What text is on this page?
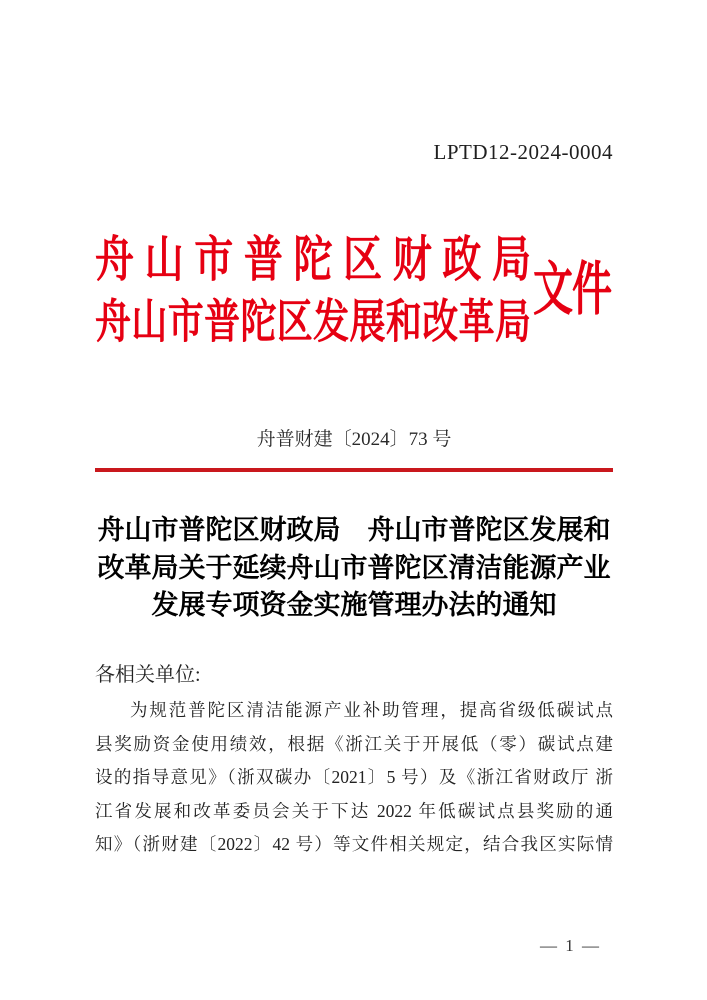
LPTD12-2024-0004
舟 山 市 普 陀 区 财 政 局
舟山市普陀区发展和改革局
文件
舟普财建〔2024〕73 号
舟山市普陀区财政局　舟山市普陀区发展和
改革局关于延续舟山市普陀区清洁能源产业
发展专项资金实施管理办法的通知
各相关单位:
为规范普陀区清洁能源产业补助管理，提高省级低碳试点
县奖励资金使用绩效，根据《浙江关于开展低（零）碳试点建
设的指导意见》（浙双碳办〔2021〕5 号）及《浙江省财政厅 浙
江省发展和改革委员会关于下达 2022 年低碳试点县奖励的通
知》（浙财建〔2022〕42 号）等文件相关规定，结合我区实际情
— 1 —
